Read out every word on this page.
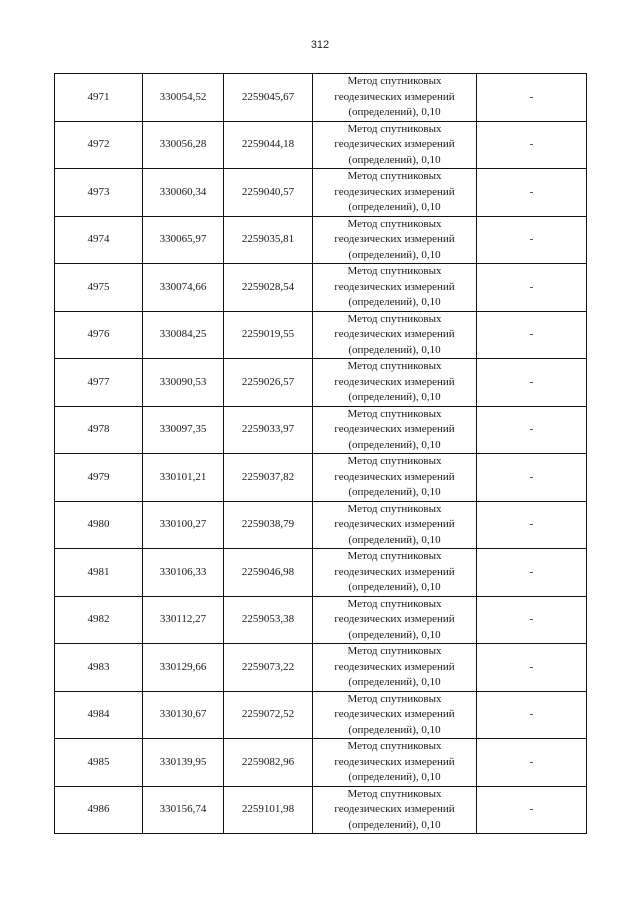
312
4971	330054,52	2259045,67	Метод спутниковых
геодезических измерений
(определений), 0,10	-
4972	330056,28	2259044,18	Метод спутниковых
геодезических измерений
(определений), 0,10	-
4973	330060,34	2259040,57	Метод спутниковых
геодезических измерений
(определений), 0,10	-
4974	330065,97	2259035,81	Метод спутниковых
геодезических измерений
(определений), 0,10	-
4975	330074,66	2259028,54	Метод спутниковых
геодезических измерений
(определений), 0,10	-
4976	330084,25	2259019,55	Метод спутниковых
геодезических измерений
(определений), 0,10	-
4977	330090,53	2259026,57	Метод спутниковых
геодезических измерений
(определений), 0,10	-
4978	330097,35	2259033,97	Метод спутниковых
геодезических измерений
(определений), 0,10	-
4979	330101,21	2259037,82	Метод спутниковых
геодезических измерений
(определений), 0,10	-
4980	330100,27	2259038,79	Метод спутниковых
геодезических измерений
(определений), 0,10	-
4981	330106,33	2259046,98	Метод спутниковых
геодезических измерений
(определений), 0,10	-
4982	330112,27	2259053,38	Метод спутниковых
геодезических измерений
(определений), 0,10	-
4983	330129,66	2259073,22	Метод спутниковых
геодезических измерений
(определений), 0,10	-
4984	330130,67	2259072,52	Метод спутниковых
геодезических измерений
(определений), 0,10	-
4985	330139,95	2259082,96	Метод спутниковых
геодезических измерений
(определений), 0,10	-
4986	330156,74	2259101,98	Метод спутниковых
геодезических измерений
(определений), 0,10	-
